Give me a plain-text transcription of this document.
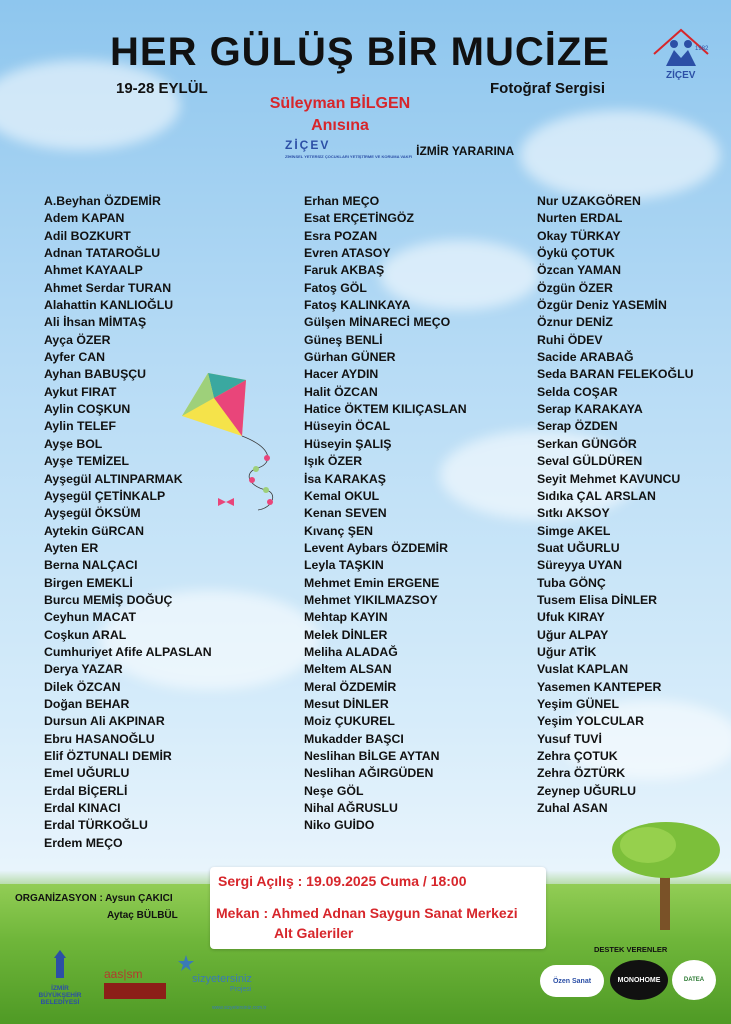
HER GÜLÜŞ BİR MUCİZE
19-28 EYLÜL	Fotoğraf Sergisi
Süleyman BİLGEN
Anısına
ZİÇEV
ZİHİNSEL YETERSİZ ÇOCUKLARI YETİŞTİRME VE KORUMA VAKFI İZMİR YARARINA
1982
ZİÇEV
A.Beyhan ÖZDEMİR
Adem KAPAN
Adil BOZKURT
Adnan TATAROĞLU
Ahmet KAYAALP
Ahmet Serdar TURAN
Alahattin KANLIOĞLU
Ali İhsan MİMTAŞ
Ayça ÖZER
Ayfer CAN
Ayhan BABUŞÇU
Aykut FIRAT
Aylin COŞKUN
Aylin TELEF
Ayşe BOL
Ayşe TEMİZEL
Ayşegül ALTINPARMAK
Ayşegül ÇETİNKALP
Ayşegül ÖKSÜM
Aytekin GüRCAN
Ayten ER
Berna NALÇACI
Birgen EMEKLİ
Burcu MEMİŞ DOĞUÇ
Ceyhun MACAT
Coşkun ARAL
Cumhuriyet Afife ALPASLAN
Derya YAZAR
Dilek ÖZCAN
Doğan BEHAR
Dursun Ali AKPINAR
Ebru HASANOĞLU
Elif ÖZTUNALI DEMİR
Emel UĞURLU
Erdal BİÇERLİ
Erdal KINACI
Erdal TÜRKOĞLU
Erdem MEÇO
Erhan MEÇO
Esat ERÇETİNGÖZ
Esra POZAN
Evren ATASOY
Faruk AKBAŞ
Fatoş GÖL
Fatoş KALINKAYA
Gülşen MİNARECİ MEÇO
Güneş BENLİ
Gürhan GÜNER
Hacer AYDIN
Halit ÖZCAN
Hatice ÖKTEM KILIÇASLAN
Hüseyin ÖCAL
Hüseyin ŞALIŞ
Işık ÖZER
İsa KARAKAŞ
Kemal OKUL
Kenan SEVEN
Kıvanç ŞEN
Levent Aybars ÖZDEMİR
Leyla TAŞKIN
Mehmet Emin ERGENE
Mehmet YIKILMAZSOY
Mehtap KAYIN
Melek DİNLER
Meliha ALADAĞ
Meltem ALSAN
Meral ÖZDEMİR
Mesut DİNLER
Moiz ÇUKUREL
Mukadder BAŞCI
Neslihan BİLGE AYTAN
Neslihan AĞIRGÜDEN
Neşe GÖL
Nihal AĞRUSLU
Niko GUİDO
Nur UZAKGÖREN
Nurten ERDAL
Okay TÜRKAY
Öykü ÇOTUK
Özcan YAMAN
Özgün ÖZER
Özgür Deniz YASEMİN
Öznur DENİZ
Ruhi ÖDEV
Sacide ARABAĞ
Seda BARAN FELEKOĞLU
Selda COŞAR
Serap KARAKAYA
Serap ÖZDEN
Serkan GÜNGÖR
Seval GÜLDÜREN
Seyit Mehmet KAVUNCU
Sıdıka ÇAL ARSLAN
Sıtkı AKSOY
Simge AKEL
Suat UĞURLU
Süreyya UYAN
Tuba GÖNÇ
Tusem Elisa DİNLER
Ufuk KIRAY
Uğur ALPAY
Uğur ATİK
Vuslat KAPLAN
Yasemen KANTEPER
Yeşim GÜNEL
Yeşim YOLCULAR
Yusuf TUVİ
Zehra ÇOTUK
Zehra ÖZTÜRK
Zeynep UĞURLU
Zuhal ASAN
Sergi Açılış : 19.09.2025 Cuma / 18:00
Mekan : Ahmed Adnan Saygun Sanat Merkezi
Alt Galeriler
ORGANİZASYON : Aysun ÇAKICI
Aytaç BÜLBÜL
DESTEK VERENLER
İZMİR BÜYÜKŞEHİR BELEDİYESİ
aas|sm	sizyetersiniz
Projesi
www.sizyetersiniz.com.tr
Özen Sanat	MONOHOME	DATEA
